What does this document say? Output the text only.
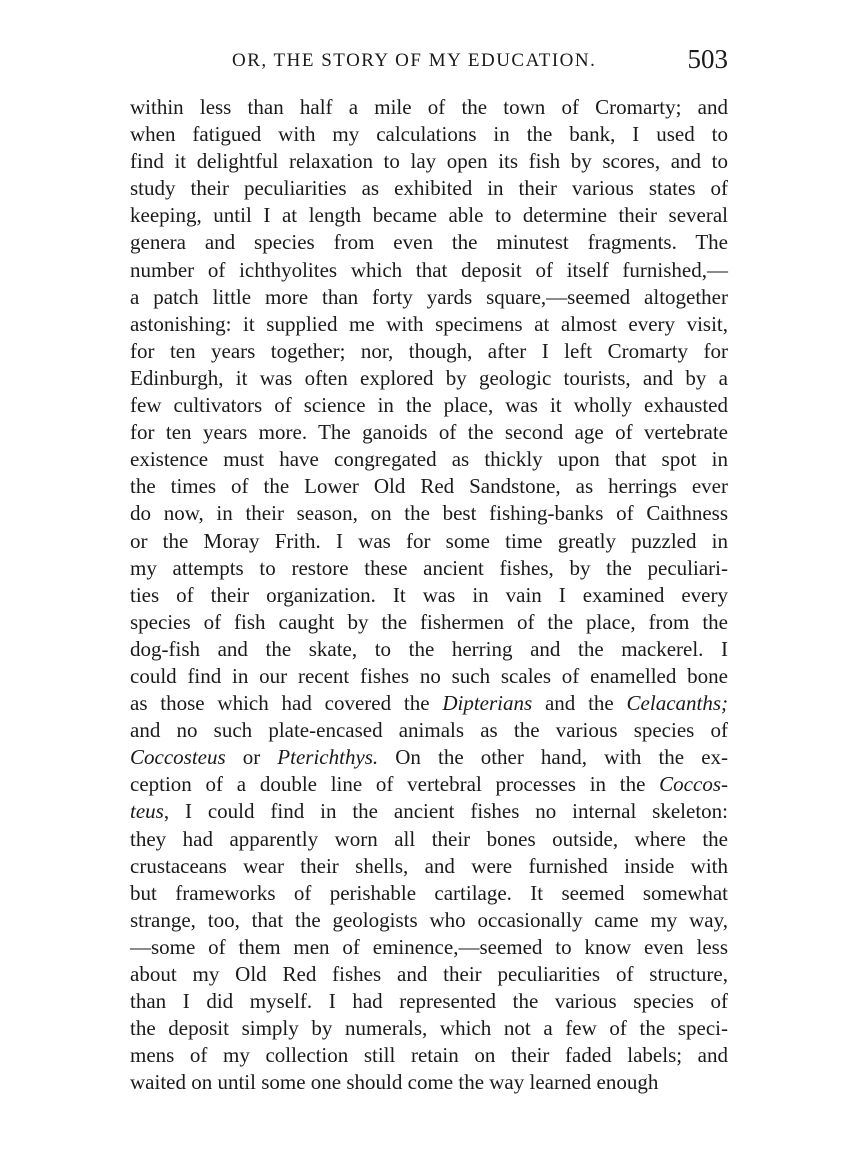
OR, THE STORY OF MY EDUCATION.	503
within less than half a mile of the town of Cromarty; and
when fatigued with my calculations in the bank, I used to
find it delightful relaxation to lay open its fish by scores, and to
study their peculiarities as exhibited in their various states of
keeping, until I at length became able to determine their several
genera and species from even the minutest fragments. The
number of ichthyolites which that deposit of itself furnished,—
a patch little more than forty yards square,—seemed altogether
astonishing: it supplied me with specimens at almost every visit,
for ten years together; nor, though, after I left Cromarty for
Edinburgh, it was often explored by geologic tourists, and by a
few cultivators of science in the place, was it wholly exhausted
for ten years more. The ganoids of the second age of vertebrate
existence must have congregated as thickly upon that spot in
the times of the Lower Old Red Sandstone, as herrings ever
do now, in their season, on the best fishing-banks of Caithness
or the Moray Frith. I was for some time greatly puzzled in
my attempts to restore these ancient fishes, by the peculiari-
ties of their organization. It was in vain I examined every
species of fish caught by the fishermen of the place, from the
dog-fish and the skate, to the herring and the mackerel. I
could find in our recent fishes no such scales of enamelled bone
as those which had covered the Dipterians and the Celacanths;
and no such plate-encased animals as the various species of
Coccosteus or Pterichthys. On the other hand, with the ex-
ception of a double line of vertebral processes in the Coccos-
teus, I could find in the ancient fishes no internal skeleton:
they had apparently worn all their bones outside, where the
crustaceans wear their shells, and were furnished inside with
but frameworks of perishable cartilage. It seemed somewhat
strange, too, that the geologists who occasionally came my way,
—some of them men of eminence,—seemed to know even less
about my Old Red fishes and their peculiarities of structure,
than I did myself. I had represented the various species of
the deposit simply by numerals, which not a few of the speci-
mens of my collection still retain on their faded labels; and
waited on until some one should come the way learned enough
